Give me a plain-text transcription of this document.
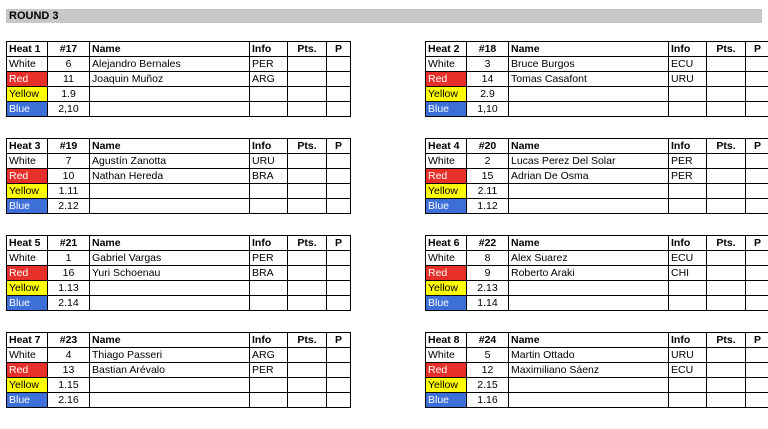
ROUND 3
Heat 1	#17	Name	Info	Pts.	P
White	6	Alejandro Bernales	PER		
Red	11	Joaquin Muñoz	ARG		
Yellow	1.9				
Blue	2,10				
Heat 2	#18	Name	Info	Pts.	P
White	3	Bruce Burgos	ECU		
Red	14	Tomas Casafont	URU		
Yellow	2.9				
Blue	1,10				
Heat 3	#19	Name	Info	Pts.	P
White	7	Agustín Zanotta	URU		
Red	10	Nathan Hereda	BRA		
Yellow	1.11				
Blue	2.12				
Heat 4	#20	Name	Info	Pts.	P
White	2	Lucas Perez Del Solar	PER		
Red	15	Adrian De Osma	PER		
Yellow	2.11				
Blue	1.12				
Heat 5	#21	Name	Info	Pts.	P
White	1	Gabriel Vargas	PER		
Red	16	Yuri Schoenau	BRA		
Yellow	1.13				
Blue	2.14				
Heat 6	#22	Name	Info	Pts.	P
White	8	Alex Suarez	ECU		
Red	9	Roberto Araki	CHI		
Yellow	2.13				
Blue	1.14				
Heat 7	#23	Name	Info	Pts.	P
White	4	Thiago Passeri	ARG		
Red	13	Bastian Arévalo	PER		
Yellow	1.15				
Blue	2.16				
Heat 8	#24	Name	Info	Pts.	P
White	5	Martin Ottado	URU		
Red	12	Maximiliano Sáenz	ECU		
Yellow	2.15				
Blue	1.16				
